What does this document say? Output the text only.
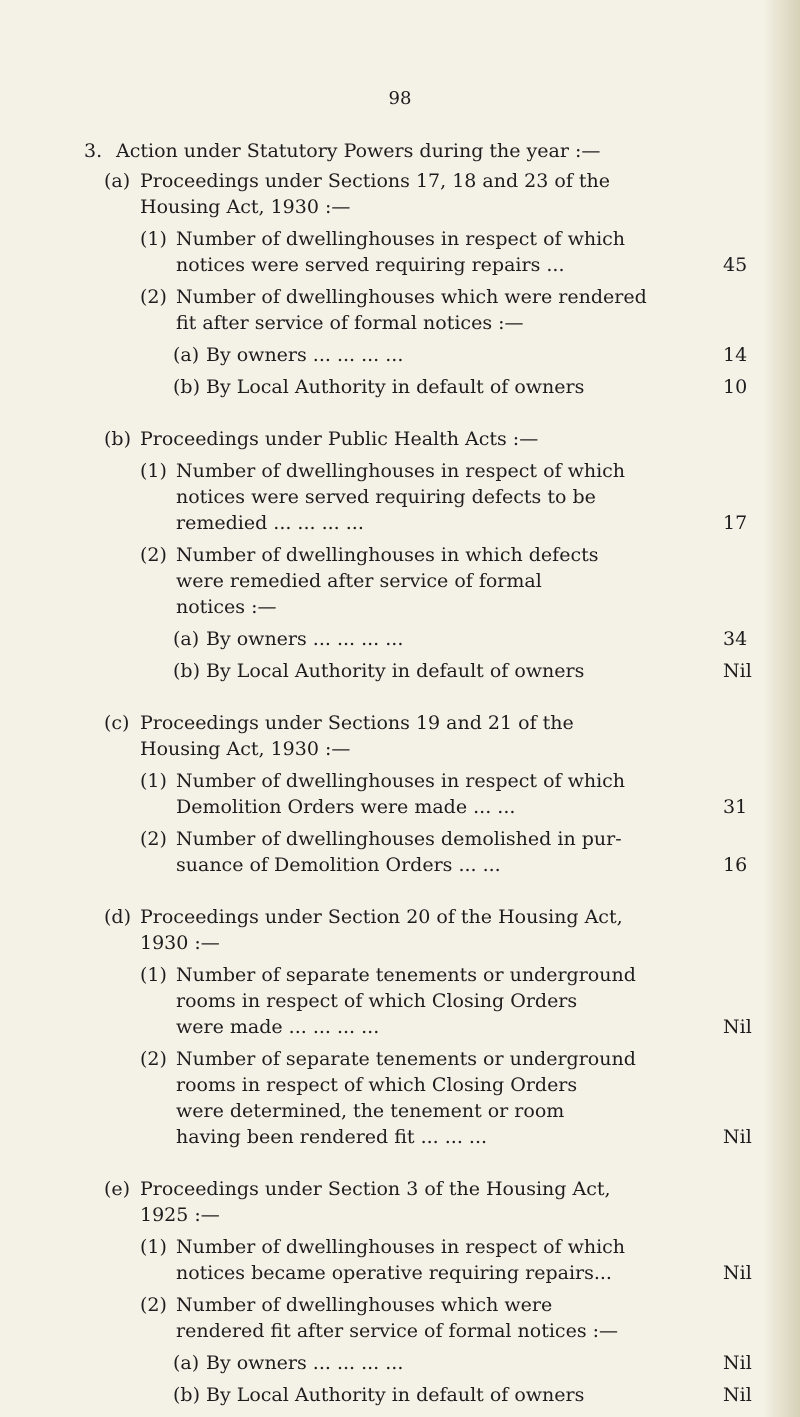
98
3. Action under Statutory Powers during the year :—
(a) Proceedings under Sections 17, 18 and 23 of the
Housing Act, 1930 :—
(1) Number of dwellinghouses in respect of which
notices were served requiring repairs ...	45
(2) Number of dwellinghouses which were rendered
fit after service of formal notices :—
(a) By owners ... ... ... ...	14
(b) By Local Authority in default of owners	10
(b) Proceedings under Public Health Acts :—
(1) Number of dwellinghouses in respect of which
notices were served requiring defects to be
remedied ... ... ... ...	17
(2) Number of dwellinghouses in which defects
were remedied after service of formal
notices :—
(a) By owners ... ... ... ...	34
(b) By Local Authority in default of owners	Nil
(c) Proceedings under Sections 19 and 21 of the
Housing Act, 1930 :—
(1) Number of dwellinghouses in respect of which
Demolition Orders were made ... ...	31
(2) Number of dwellinghouses demolished in pur-
suance of Demolition Orders ... ...	16
(d) Proceedings under Section 20 of the Housing Act,
1930 :—
(1) Number of separate tenements or underground
rooms in respect of which Closing Orders
were made ... ... ... ...	Nil
(2) Number of separate tenements or underground
rooms in respect of which Closing Orders
were determined, the tenement or room
having been rendered fit ... ... ...	Nil
(e) Proceedings under Section 3 of the Housing Act,
1925 :—
(1) Number of dwellinghouses in respect of which
notices became operative requiring repairs...	Nil
(2) Number of dwellinghouses which were
rendered fit after service of formal notices :—
(a) By owners ... ... ... ...	Nil
(b) By Local Authority in default of owners	Nil
